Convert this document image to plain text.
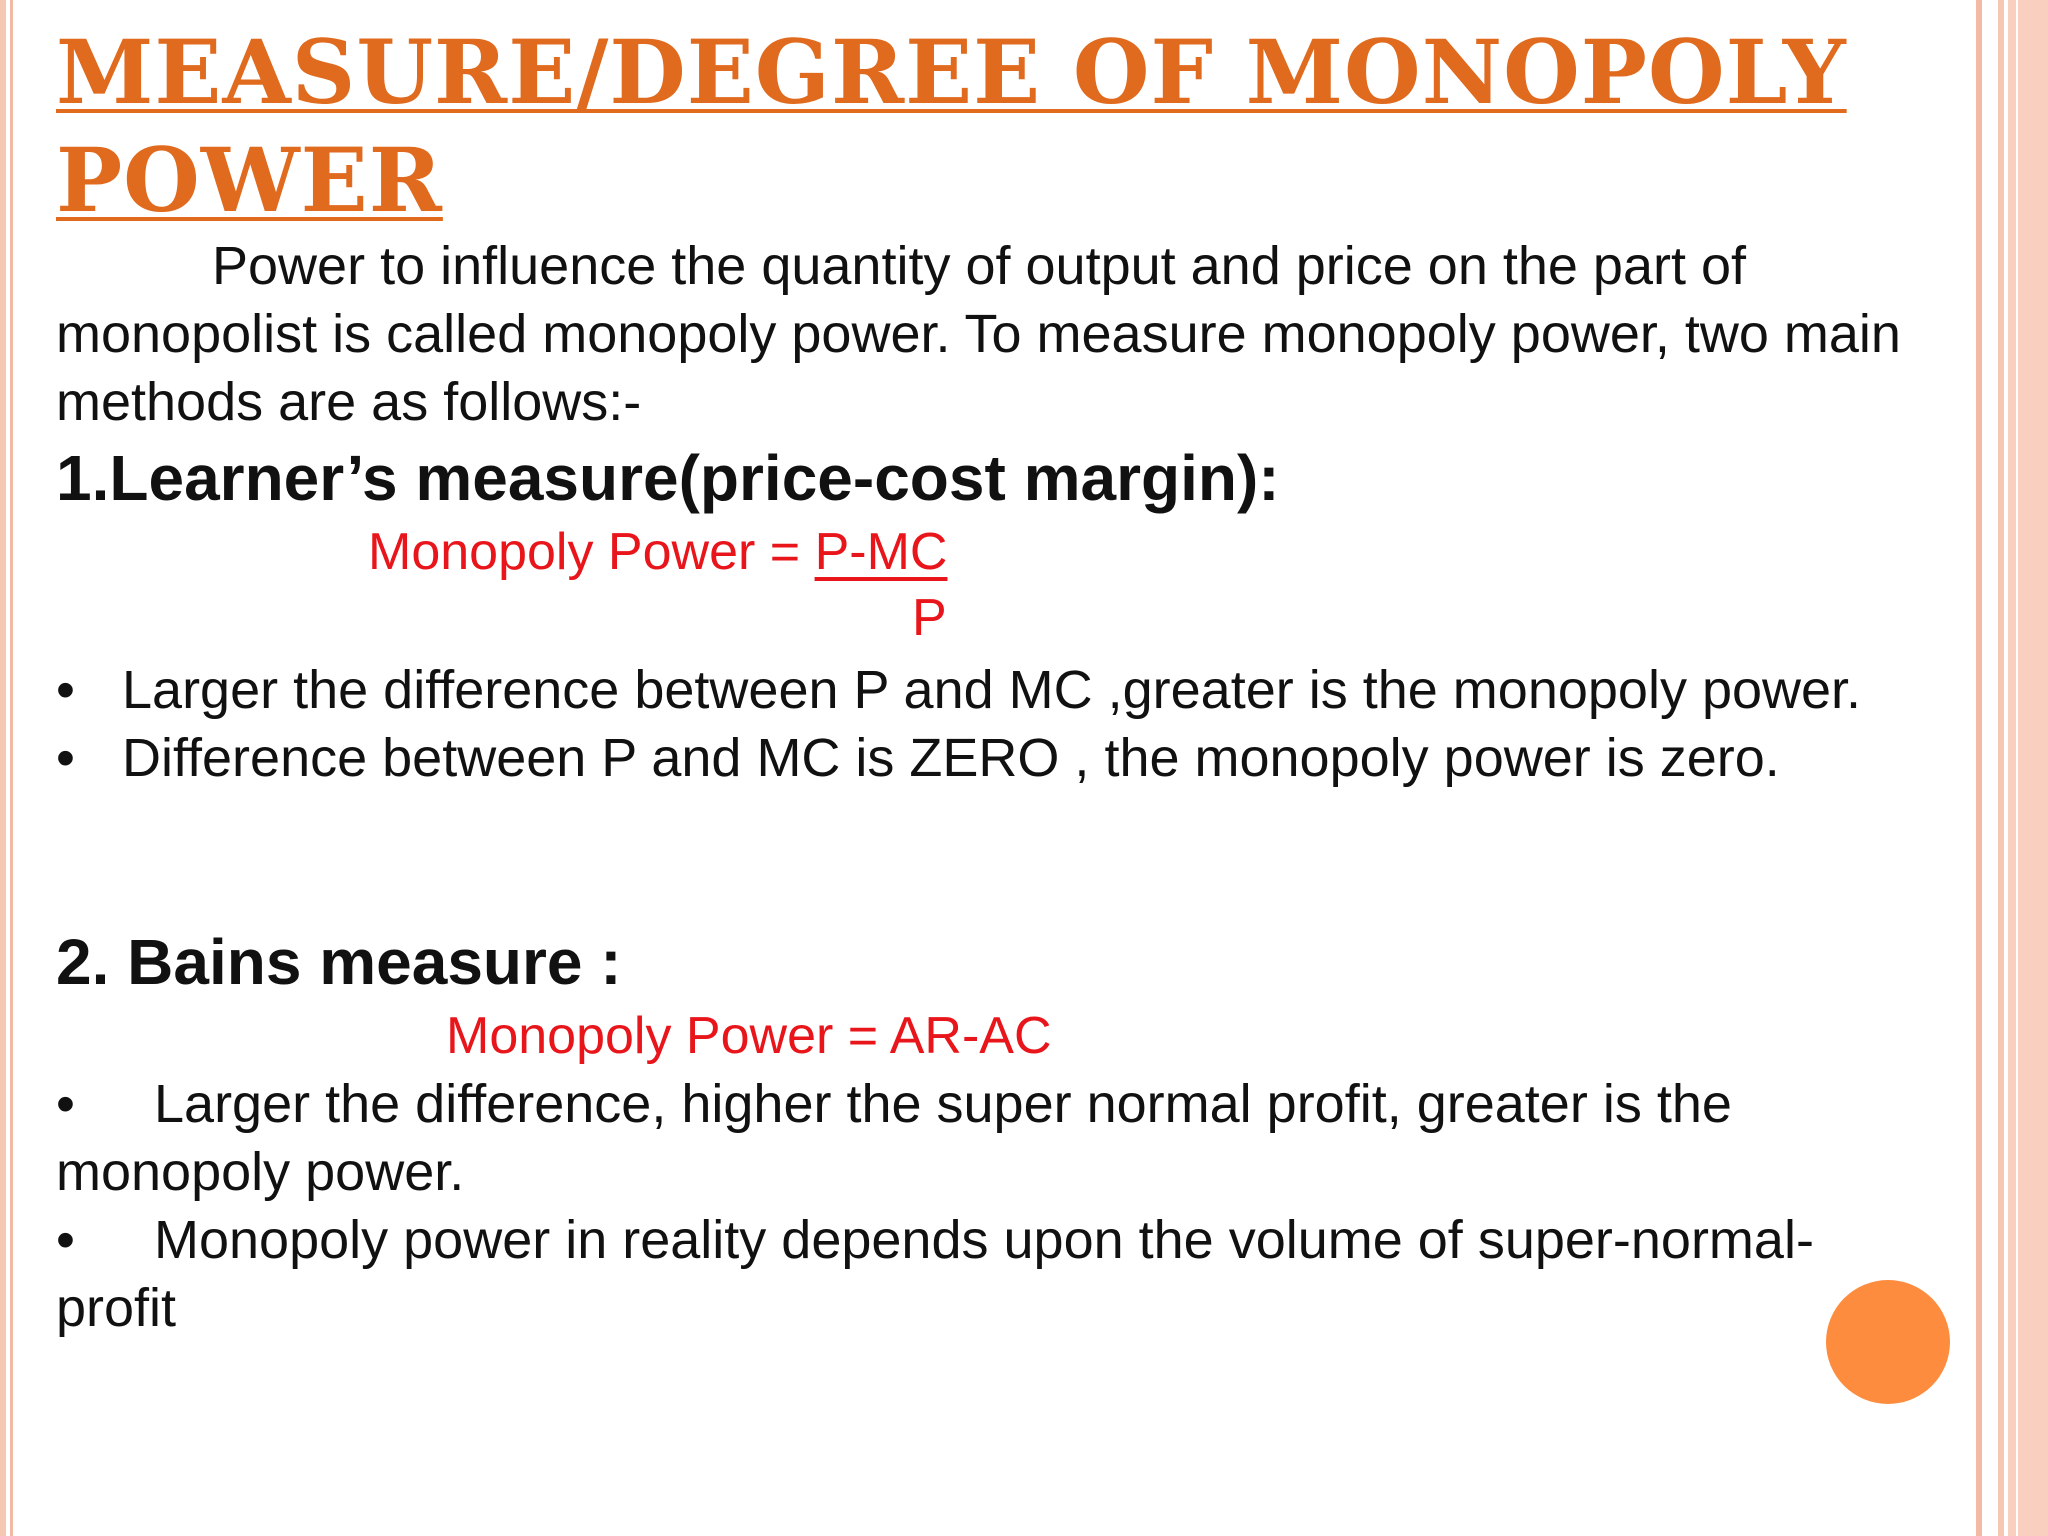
MEASURE/DEGREE OF MONOPOLY POWER

Power to influence the quantity of output and price on the part of monopolist is called monopoly power. To measure monopoly power, two main methods are as follows:-

1.Learner’s measure(price-cost margin):
Monopoly Power = P-MC
P
• Larger the difference between P and MC ,greater is the monopoly power.
• Difference between P and MC is ZERO , the monopoly power is zero.
2. Bains measure :
Monopoly Power = AR-AC
• Larger the difference, higher the super normal profit, greater is the monopoly power.
• Monopoly power in reality depends upon the volume of super-normal-profit
